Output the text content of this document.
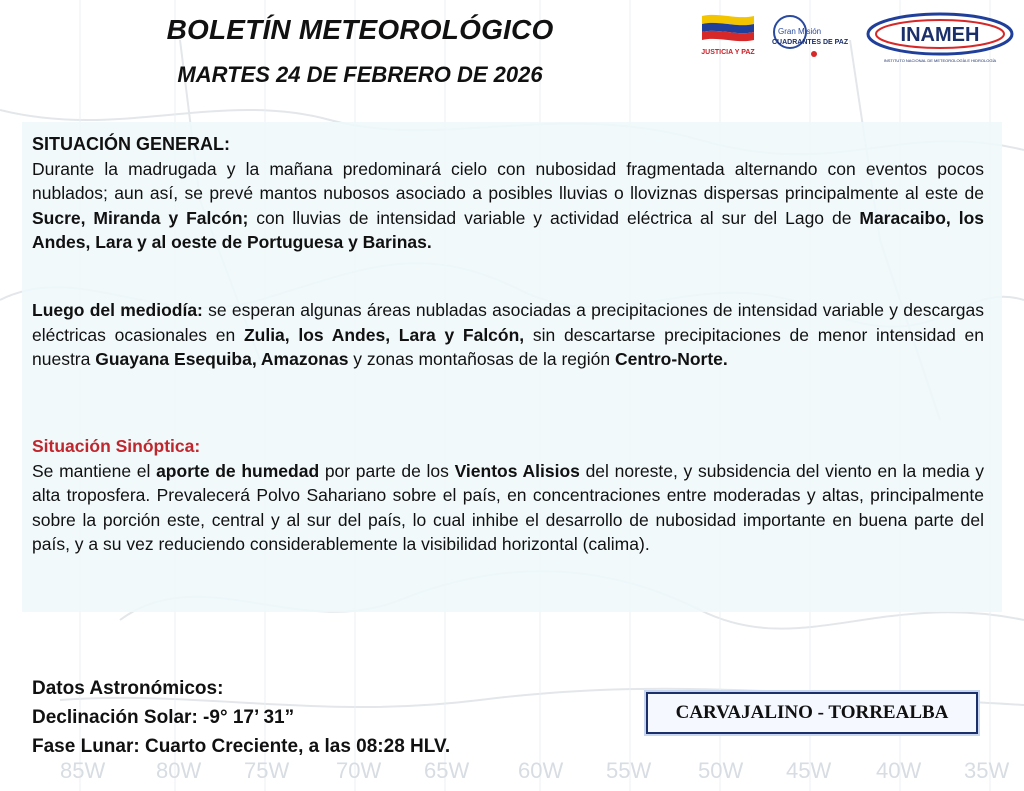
BOLETÍN METEOROLÓGICO
MARTES 24 DE FEBRERO DE 2026
JUSTICIA Y PAZ
Gran Misión
CUADRANTES DE PAZ	INAMEH
INSTITUTO NACIONAL DE METEOROLOGÍA E HIDROLOGÍA
SITUACIÓN GENERAL:
Durante la madrugada y la mañana predominará cielo con nubosidad fragmentada alternando con eventos pocos nublados; aun así, se prevé mantos nubosos asociado a posibles lluvias o lloviznas dispersas principalmente al este de Sucre, Miranda y Falcón; con lluvias de intensidad variable y actividad eléctrica al sur del Lago de Maracaibo, los Andes, Lara y al oeste de Portuguesa y Barinas.
Luego del mediodía: se esperan algunas áreas nubladas asociadas a precipitaciones de intensidad variable y descargas eléctricas ocasionales en Zulia, los Andes, Lara y Falcón, sin descartarse precipitaciones de menor intensidad en nuestra Guayana Esequiba, Amazonas y zonas montañosas de la región Centro-Norte.
Situación Sinóptica:
Se mantiene el aporte de humedad por parte de los Vientos Alisios del noreste, y subsidencia del viento en la media y alta troposfera. Prevalecerá Polvo Sahariano sobre el país, en concentraciones entre moderadas y altas, principalmente sobre la porción este, central y al sur del país, lo cual inhibe el desarrollo de nubosidad importante en buena parte del país, y a su vez reduciendo considerablemente la visibilidad horizontal (calima).
Datos Astronómicos:
Declinación Solar: -9° 17’ 31”
Fase Lunar: Cuarto Creciente, a las 08:28 HLV.
CARVAJALINO - TORREALBA
85W 80W 75W 70W 65W 60W 55W 50W 45W 40W 35W
